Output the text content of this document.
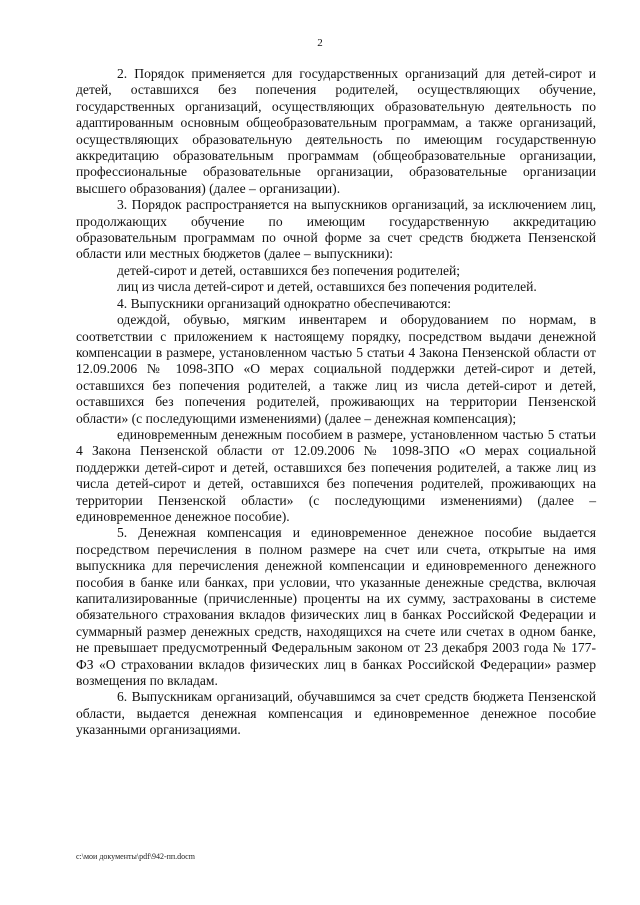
2

2. Порядок применяется для государственных организаций для детей-сирот и детей, оставшихся без попечения родителей, осуществляющих обучение, государственных организаций, осуществляющих образовательную деятельность по адаптированным основным общеобразовательным программам, а также организаций, осуществляющих образовательную деятельность по имеющим государственную аккредитацию образовательным программам (общеобразовательные организации, профессиональные образовательные организации, образовательные организации высшего образования) (далее – организации).

3. Порядок распространяется на выпускников организаций, за исключением лиц, продолжающих обучение по имеющим государственную аккредитацию образовательным программам по очной форме за счет средств бюджета Пензенской области или местных бюджетов (далее – выпускники):

детей-сирот и детей, оставшихся без попечения родителей;

лиц из числа детей-сирот и детей, оставшихся без попечения родителей.

4. Выпускники организаций однократно обеспечиваются:

одеждой, обувью, мягким инвентарем и оборудованием по нормам, в соответствии с приложением к настоящему порядку, посредством выдачи денежной компенсации в размере, установленном частью 5 статьи 4 Закона Пензенской области от 12.09.2006 № 1098-ЗПО «О мерах социальной поддержки детей-сирот и детей, оставшихся без попечения родителей, а также лиц из числа детей-сирот и детей, оставшихся без попечения родителей, проживающих на территории Пензенской области» (с последующими изменениями) (далее – денежная компенсация);

единовременным денежным пособием в размере, установленном частью 5 статьи 4 Закона Пензенской области от 12.09.2006 № 1098-ЗПО «О мерах социальной поддержки детей-сирот и детей, оставшихся без попечения родителей, а также лиц из числа детей-сирот и детей, оставшихся без попечения родителей, проживающих на территории Пензенской области» (с последующими изменениями) (далее – единовременное денежное пособие).

5. Денежная компенсация и единовременное денежное пособие выдается посредством перечисления в полном размере на счет или счета, открытые на имя выпускника для перечисления денежной компенсации и единовременного денежного пособия в банке или банках, при условии, что указанные денежные средства, включая капитализированные (причисленные) проценты на их сумму, застрахованы в системе обязательного страхования вкладов физических лиц в банках Российской Федерации и суммарный размер денежных средств, находящихся на счете или счетах в одном банке, не превышает предусмотренный Федеральным законом от 23 декабря 2003 года № 177-ФЗ «О страховании вкладов физических лиц в банках Российской Федерации» размер возмещения по вкладам.

6. Выпускникам организаций, обучавшимся за счет средств бюджета Пензенской области, выдается денежная компенсация и единовременное денежное пособие указанными организациями.

c:\мои документы\pdf\942-пп.docm
